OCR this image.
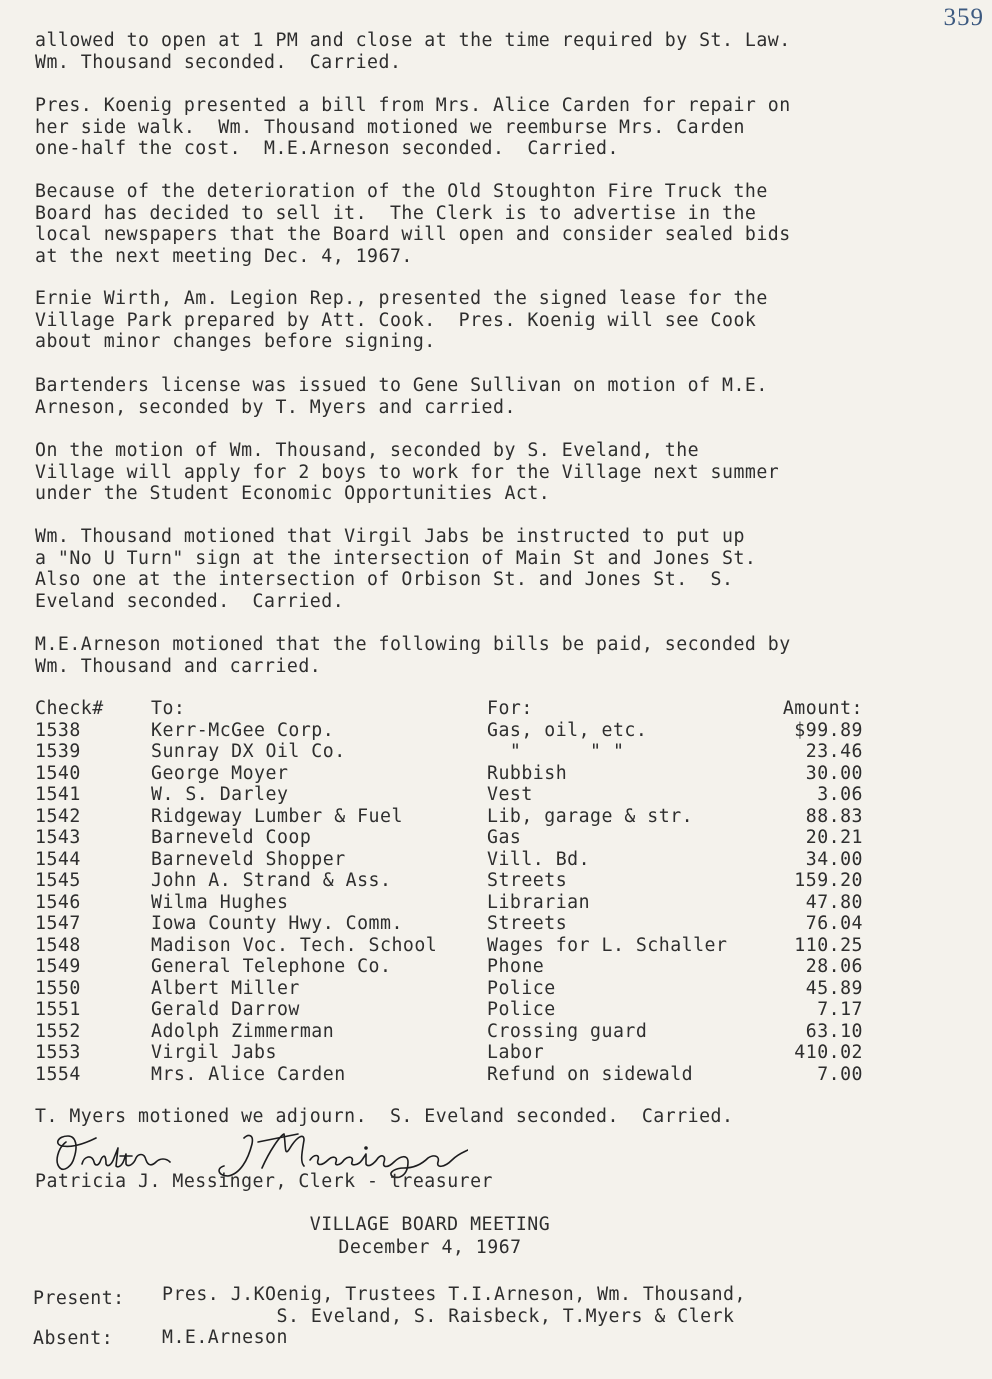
359
allowed to open at 1 PM and close at the time required by St. Law.
Wm. Thousand seconded.  Carried.
Pres. Koenig presented a bill from Mrs. Alice Carden for repair on
her side walk.  Wm. Thousand motioned we reemburse Mrs. Carden
one-half the cost.  M.E.Arneson seconded.  Carried.
Because of the deterioration of the Old Stoughton Fire Truck the
Board has decided to sell it.  The Clerk is to advertise in the
local newspapers that the Board will open and consider sealed bids
at the next meeting Dec. 4, 1967.
Ernie Wirth, Am. Legion Rep., presented the signed lease for the
Village Park prepared by Att. Cook.  Pres. Koenig will see Cook
about minor changes before signing.
Bartenders license was issued to Gene Sullivan on motion of M.E.
Arneson, seconded by T. Myers and carried.
On the motion of Wm. Thousand, seconded by S. Eveland, the
Village will apply for 2 boys to work for the Village next summer
under the Student Economic Opportunities Act.
Wm. Thousand motioned that Virgil Jabs be instructed to put up
a "No U Turn" sign at the intersection of Main St and Jones St.
Also one at the intersection of Orbison St. and Jones St.  S.
Eveland seconded.  Carried.
M.E.Arneson motioned that the following bills be paid, seconded by
Wm. Thousand and carried.
Check#	To:	For:	Amount:
1538	Kerr-McGee Corp.	Gas, oil, etc.	$99.89
1539	Sunray DX Oil Co.	"      " "	23.46
1540	George Moyer	Rubbish	30.00
1541	W. S. Darley	Vest	3.06
1542	Ridgeway Lumber & Fuel	Lib, garage & str.	88.83
1543	Barneveld Coop	Gas	20.21
1544	Barneveld Shopper	Vill. Bd.	34.00
1545	John A. Strand & Ass.	Streets	159.20
1546	Wilma Hughes	Librarian	47.80
1547	Iowa County Hwy. Comm.	Streets	76.04
1548	Madison Voc. Tech. School	Wages for L. Schaller	110.25
1549	General Telephone Co.	Phone	28.06
1550	Albert Miller	Police	45.89
1551	Gerald Darrow	Police	7.17
1552	Adolph Zimmerman	Crossing guard	63.10
1553	Virgil Jabs	Labor	410.02
1554	Mrs. Alice Carden	Refund on sidewald	7.00
T. Myers motioned we adjourn.  S. Eveland seconded.  Carried.
Patricia J. Messinger, Clerk - treasurer
VILLAGE BOARD MEETING
December 4, 1967
Present: Pres. J.KOenig, Trustees T.I.Arneson, Wm. Thousand,
S. Eveland, S. Raisbeck, T.Myers & Clerk
Absent:	M.E.Arneson
